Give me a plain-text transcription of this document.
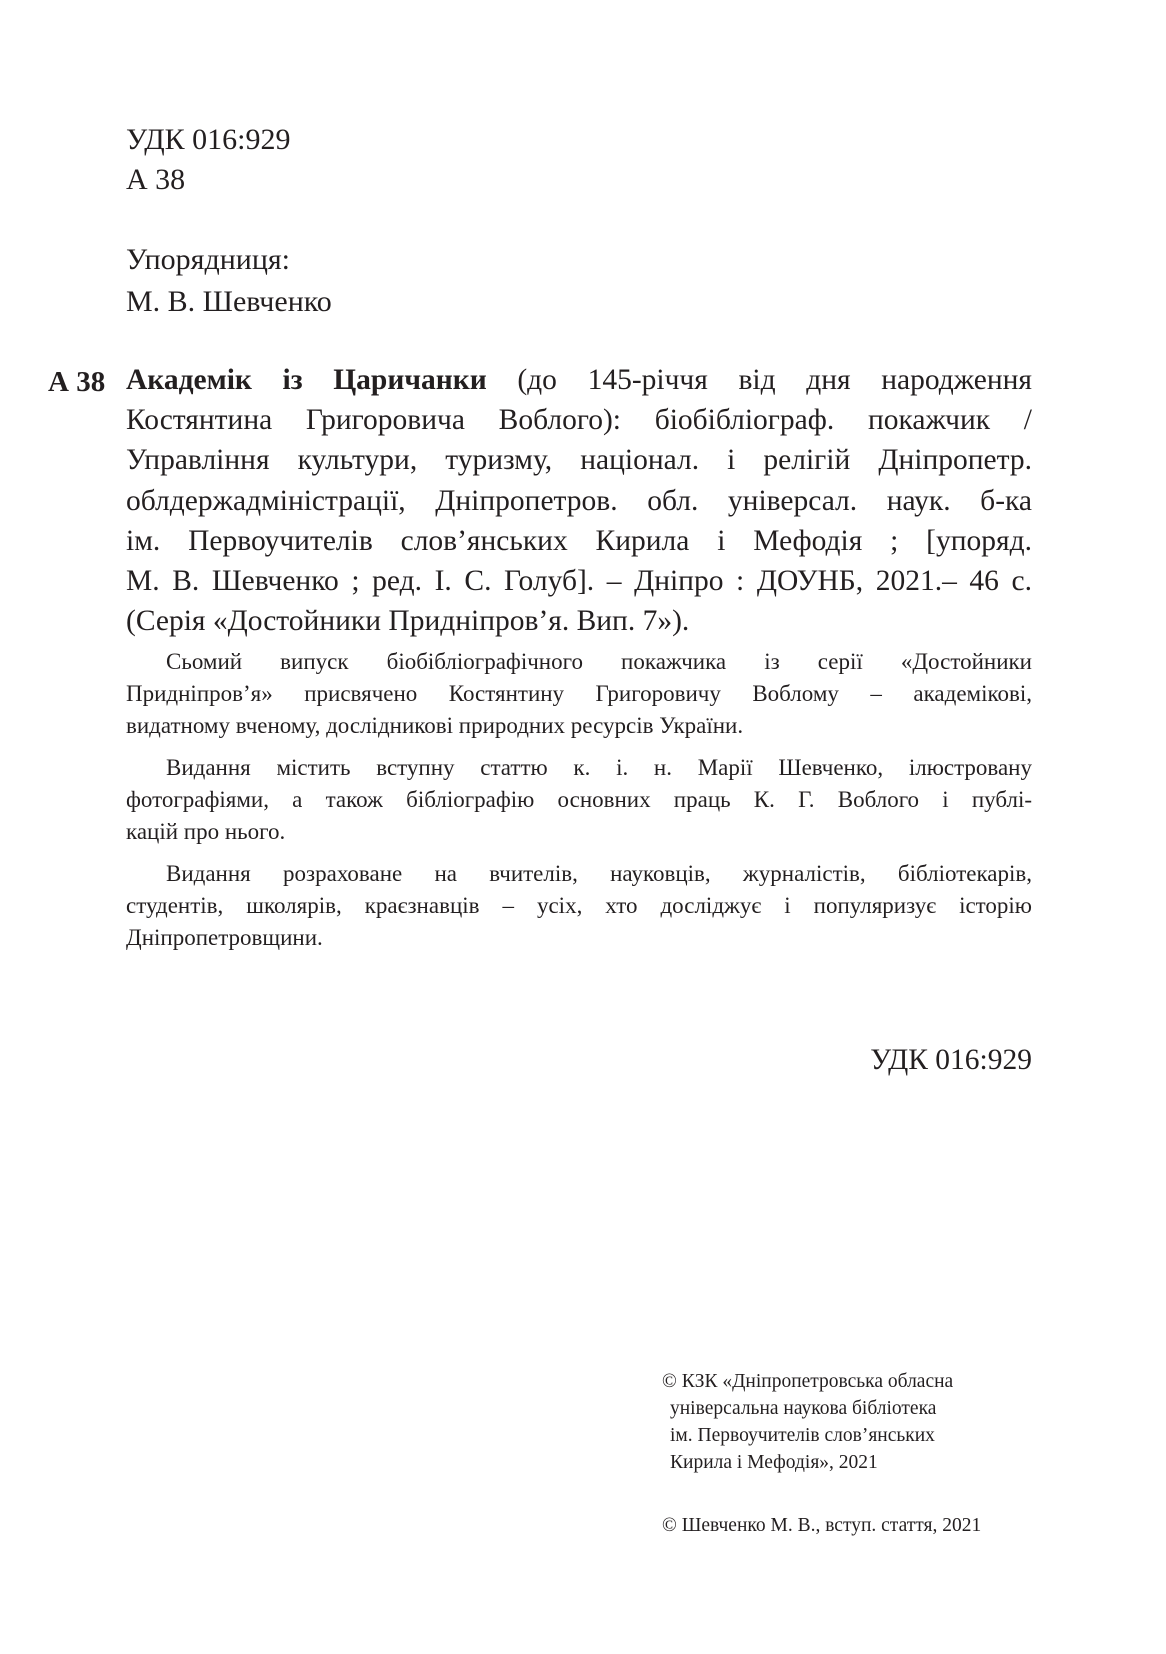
УДК 016:929

А 38

Упорядниця:

М. В. Шевченко

А 38 Академік із Царичанки (до 145-річчя від дня народження
Костянтина Григоровича Воблого): біобібліограф. покажчик /
Управління культури, туризму, націонал. і релігій Дніпропетр.
облдержадміністрації, Дніпропетров. обл. універсал. наук. б-ка
ім. Первоучителів слов’янських Кирила і Мефодія ; [упоряд.
М. В. Шевченко ; ред. І. С. Голуб]. – Дніпро : ДОУНБ, 2021.– 46 с.
(Серія «Достойники Придніпров’я. Вип. 7»).
Сьомий випуск біобібліографічного покажчика із серії «Достойники
Придніпров’я» присвячено Костянтину Григоровичу Воблому – академікові,
видатному вченому, дослідникові природних ресурсів України.
Видання містить вступну статтю к. і. н. Марії Шевченко, ілюстровану
фотографіями, а також бібліографію основних праць К. Г. Воблого і публі-
кацій про нього.
Видання розраховане на вчителів, науковців, журналістів, бібліотекарів,
студентів, школярів, краєзнавців – усіх, хто досліджує і популяризує історію
Дніпропетровщини.

УДК 016:929

© КЗК «Дніпропетровська обласна
універсальна наукова бібліотека
ім. Первоучителів слов’янських
Кирила і Мефодія», 2021

© Шевченко М. В., вступ. стаття, 2021
